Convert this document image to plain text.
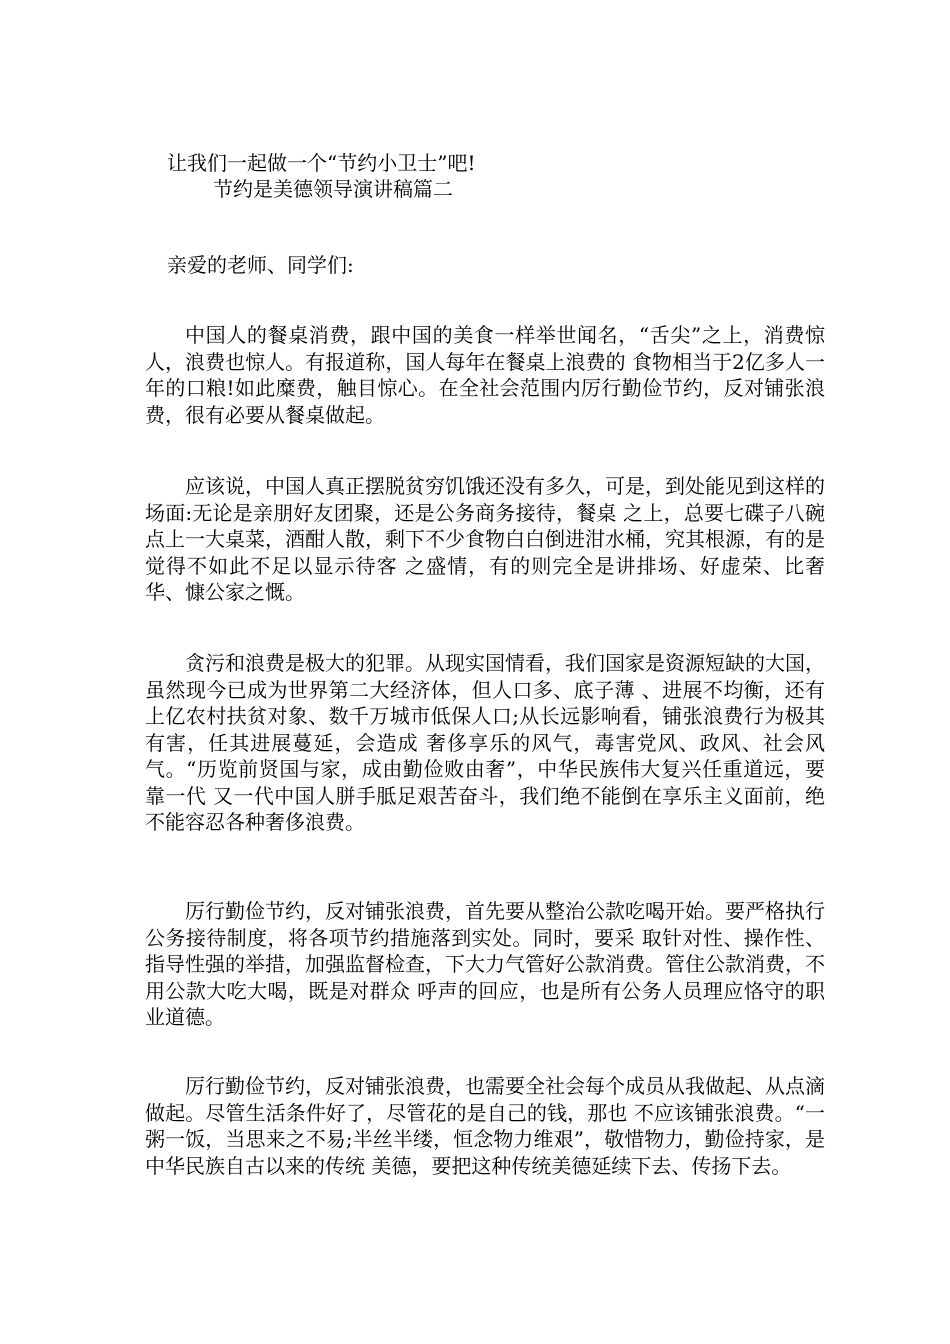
让我们一起做一个“节约小卫士”吧!
节约是美德领导演讲稿篇二
亲爱的老师、同学们:

中国人的餐桌消费，跟中国的美食一样举世闻名，“舌尖”之上，消费惊人，浪费也惊人。有报道称，国人每年在餐桌上浪费的 食物相当于2亿多人一年的口粮!如此糜费，触目惊心。在全社会范围内厉行勤俭节约，反对铺张浪费，很有必要从餐桌做起。

应该说，中国人真正摆脱贫穷饥饿还没有多久，可是，到处能见到这样的场面:无论是亲朋好友团聚，还是公务商务接待，餐桌 之上，总要七碟子八碗点上一大桌菜，酒酣人散，剩下不少食物白白倒进泔水桶，究其根源，有的是觉得不如此不足以显示待客 之盛情，有的则完全是讲排场、好虚荣、比奢华、慷公家之慨。

贪污和浪费是极大的犯罪。从现实国情看，我们国家是资源短缺的大国，虽然现今已成为世界第二大经济体，但人口多、底子薄 、进展不均衡，还有上亿农村扶贫对象、数千万城市低保人口;从长远影响看，铺张浪费行为极其有害，任其进展蔓延，会造成 奢侈享乐的风气，毒害党风、政风、社会风气。“历览前贤国与家，成由勤俭败由奢”，中华民族伟大复兴任重道远，要靠一代 又一代中国人胼手胝足艰苦奋斗，我们绝不能倒在享乐主义面前，绝不能容忍各种奢侈浪费。

厉行勤俭节约，反对铺张浪费，首先要从整治公款吃喝开始。要严格执行公务接待制度，将各项节约措施落到实处。同时，要采 取针对性、操作性、指导性强的举措，加强监督检查，下大力气管好公款消费。管住公款消费，不用公款大吃大喝，既是对群众 呼声的回应，也是所有公务人员理应恪守的职业道德。

厉行勤俭节约，反对铺张浪费，也需要全社会每个成员从我做起、从点滴做起。尽管生活条件好了，尽管花的是自己的钱，那也 不应该铺张浪费。“一粥一饭，当思来之不易;半丝半缕，恒念物力维艰”，敬惜物力，勤俭持家，是中华民族自古以来的传统 美德，要把这种传统美德延续下去、传扬下去。
